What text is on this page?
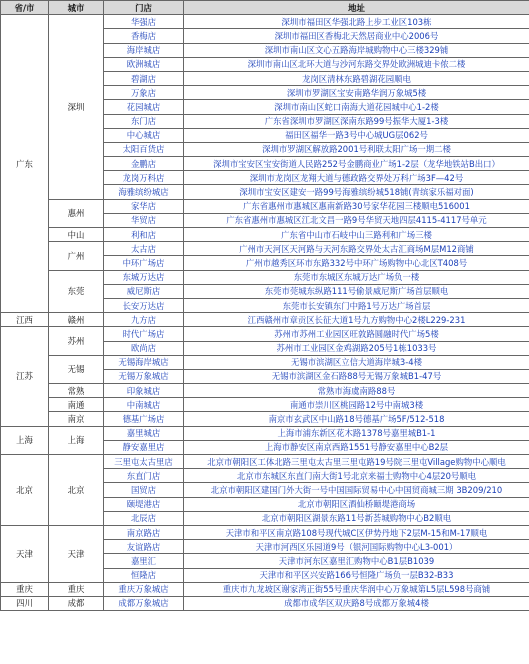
省/市	城市	门店	地址
广东	深圳	华强店	深圳市福田区华强北路上步工业区103栋
		香梅店	深圳市福田区香梅北天然居商业中心2006号
		海岸城店	深圳市南山区文心五路海岸城购物中心三楼329铺
		欧洲城店	深圳市南山区北环大道与沙河东路交界处欧洲城迪卡侬二楼
		碧湖店	龙岗区清林东路碧湖花园顺电
		万象店	深圳市罗湖区宝安南路华润万象城5楼
		花园城店	深圳市南山区蛇口南海大道花园城中心1-2楼
		东门店	广东省深圳市罗湖区深南东路99号振华大厦1-3楼
		中心城店	福田区福华一路3号中心城UG层062号
		太阳百货店	深圳市罗湖区解放路2001号利联太阳广场一期二楼
		金鹏店	深圳市宝安区宝安街道人民路252号金鹏商业广场1-2层（龙华地铁站B出口）
		龙岗万科店	深圳市龙岗区龙翔大道与德政路交界处万科广场3F—42号
		海雅缤纷城店	深圳市宝安区建安一路99号海雅缤纷城518铺(青缤家乐福对面)
	惠州	家华店	广东省惠州市惠城区惠南新路30号家华花园三楼顺电516001
		华贸店	广东省惠州市惠城区江北文昌一路9号华贸天地四层4115-4117号单元
	中山	利和店	广东省中山市石岐中山三路利和广场三楼
	广州	太古店	广州市天河区天河路与天河东路交界处太古汇商场M层M12商铺
		中环广场店	广州市越秀区环市东路332号中环广场购物中心北区T408号
	东莞	东城万达店	东莞市东城区东城万达广场负一楼
		威尼斯店	东莞市莞城东纵路111号偷景威尼斯广场首层顺电
		长安万达店	东莞市长安镇东门中路1号万达广场首层
江西	赣州	九方店	江西赣州市章贡区长征大道1号九方购物中心2楼L229-231
江苏	苏州	时代广场店	苏州市苏州工业园区旺敦路圆融时代广场5楼
		欧尚店	苏州市工业园区金鸡湖路205号1栋1033号
	无锡	无锡海岸城店	无锡市滨湖区立信大道海岸城3-4楼
		无锡万象城店	无锡市滨湖区金石路88号无锡万象城B1-47号
	常熟	印象城店	常熟市海虞南路88号
	南通	中南城店	南通市崇川区桃园路12号中南城3楼
	南京	德基广场店	南京市玄武区中山路18号德基广场5F/512-518
上海	上海	嘉里城店	上海市浦东新区花木路1378号嘉里城B1-1
		静安嘉里店	上海市静安区南京西路1551号静安嘉里中心B2层
北京	北京	三里屯太古里店	北京市朝阳区工体北路三里屯太古里三里屯路19号院三里屯Village购物中心顺电
		东直门店	北京市东城区东直门南大街1号北京来福士购物中心4层20号顺电
		国贸店	北京市朝阳区建国门外大街一号中国国际贸易中心中国贸商城三期 3B209/210
		颐堤港店	北京市朝阳区酒仙桥颐堤港商场
		北辰店	北京市朝阳区湖景东路11号新荟城购物中心B2顺电
天津	天津	南京路店	天津市和平区南京路108号现代城C区伊势丹地下2层M-15和M-17顺电
		友谊路店	天津市河西区乐园道9号（银河国际购物中心L3-001）
		嘉里汇	天津市河东区嘉里汇购物中心B1层B1039
		恒隆店	天津市和平区兴安路166号恒隆广场负一层B32-B33
重庆	重庆	重庆万象城店	重庆市九龙坡区谢家湾正街55号重庆华润中心万象城第L5层L598号商铺
四川	成都	成都万象城店	成都市成华区双庆路8号成都万象城4楼
